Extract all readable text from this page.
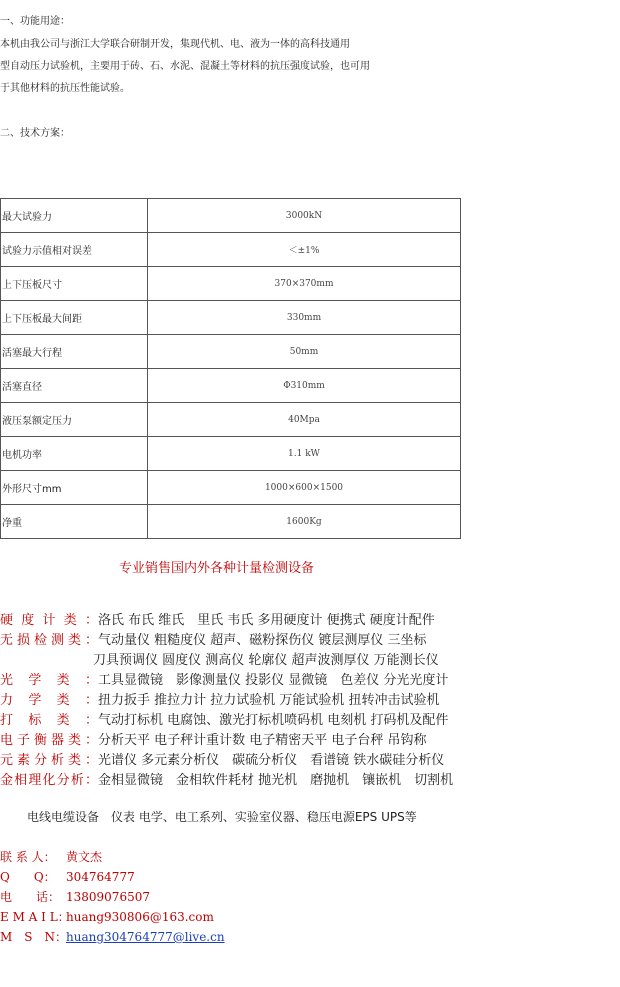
一、功能用途：
本机由我公司与浙江大学联合研制开发，集现代机、电、液为一体的高科技通用
型自动压力试验机，主要用于砖、石、水泥、混凝土等材料的抗压强度试验，也可用
于其他材料的抗压性能试验。
二、技术方案：
最大试验力	3000kN
试验力示值相对误差	＜±1%
上下压板尺寸	370×370mm
上下压板最大间距	330mm
活塞最大行程	50mm
活塞直径	Φ310mm
液压泵额定压力	40Mpa
电机功率	1.1 kW
外形尺寸mm	1000×600×1500
净重	1600Kg
专业销售国内外各种计量检测设备
硬度计类：洛氏 布氏 维氏　里氏 韦氏 多用硬度计 便携式 硬度计配件
无损检测类：气动量仪 粗糙度仪 超声、磁粉探伤仪 镀层测厚仪 三坐标
刀具预调仪 圆度仪 测高仪 轮廓仪 超声波测厚仪 万能测长仪
光学类：工具显微镜　影像测量仪 投影仪 显微镜　色差仪 分光光度计
力学类：扭力扳手 推拉力计 拉力试验机 万能试验机 扭转冲击试验机
打标类：气动打标机 电腐蚀、激光打标机喷码机 电刻机 打码机及配件
电子衡器类：分析天平 电子秤计重计数 电子精密天平 电子台秤 吊钩称
元素分析类：光谱仪 多元素分析仪　碳硫分析仪　看谱镜 铁水碳硅分析仪
金相理化分析：金相显微镜　金相软件耗材 抛光机　磨抛机　镶嵌机　切割机
电线电缆设备　仪表 电学、电工系列、实验室仪器、稳压电源EPS UPS等
联 系 人： 黄文杰
Q　　Q： 304764777
电　　话： 13809076507
E M A I L：huang930806@163.com
M　S　N：huang304764777@live.cn
